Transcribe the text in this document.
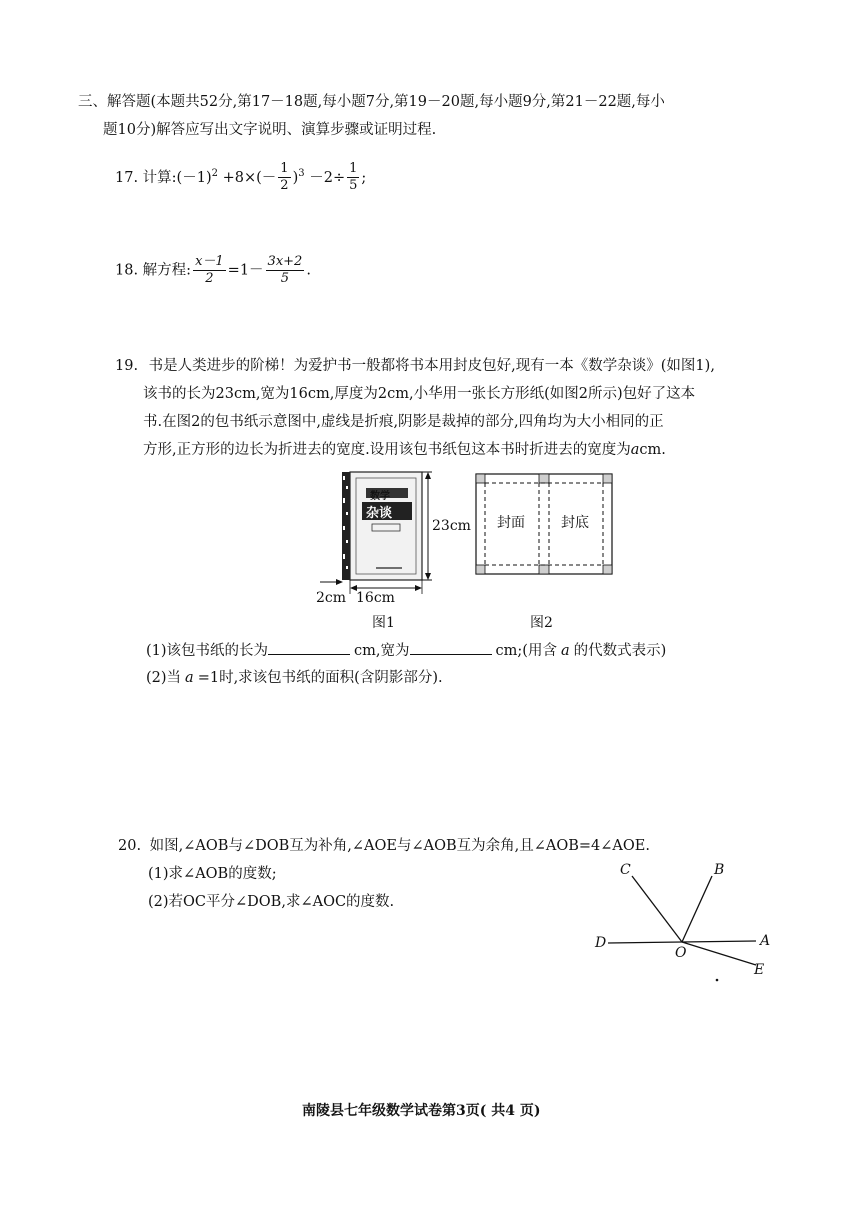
三、解答题(本题共52分,第17－18题,每小题7分,第19－20题,每小题9分,第21－22题,每小
题10分)解答应写出文字说明、演算步骤或证明过程.
17. 计算$:(-1)^2 +8\times(- \frac{1}{2} )^3 -2\div \frac{1}{5}$ ;
18. 解方程: $\frac{x-1}{2} =1- \frac{3x+2}{5}$ .
19. 书是人类进步的阶梯！为爱护书一般都将书本用封皮包好,现有一本《数学杂谈》(如图1),
该书的长为23cm,宽为16cm,厚度为2cm,小华用一张长方形纸(如图2所示)包好了这本
书.在图2的包书纸示意图中,虚线是折痕,阴影是裁掉的部分,四角均为大小相同的正
方形,正方形的边长为折进去的宽度.设用该包书纸包这本书时折进去的宽度为acm.
数学
杂谈
23cm
16cm
2cm
图1
封面	封底
图2
(1)该包书纸的长为	cm,宽为	cm;(用含 a 的代数式表示)
(2)当 a =1时,求该包书纸的面积(含阴影部分).
20. 如图,∠AOB与∠DOB互为补角,∠AOE与∠AOB互为余角,且∠AOB=4∠AOE.
(1)求∠AOB的度数;
(2)若OC平分∠DOB,求∠AOC的度数.
C	B
D
O
A
E
南陵县七年级数学试卷第3页( 共4 页)
